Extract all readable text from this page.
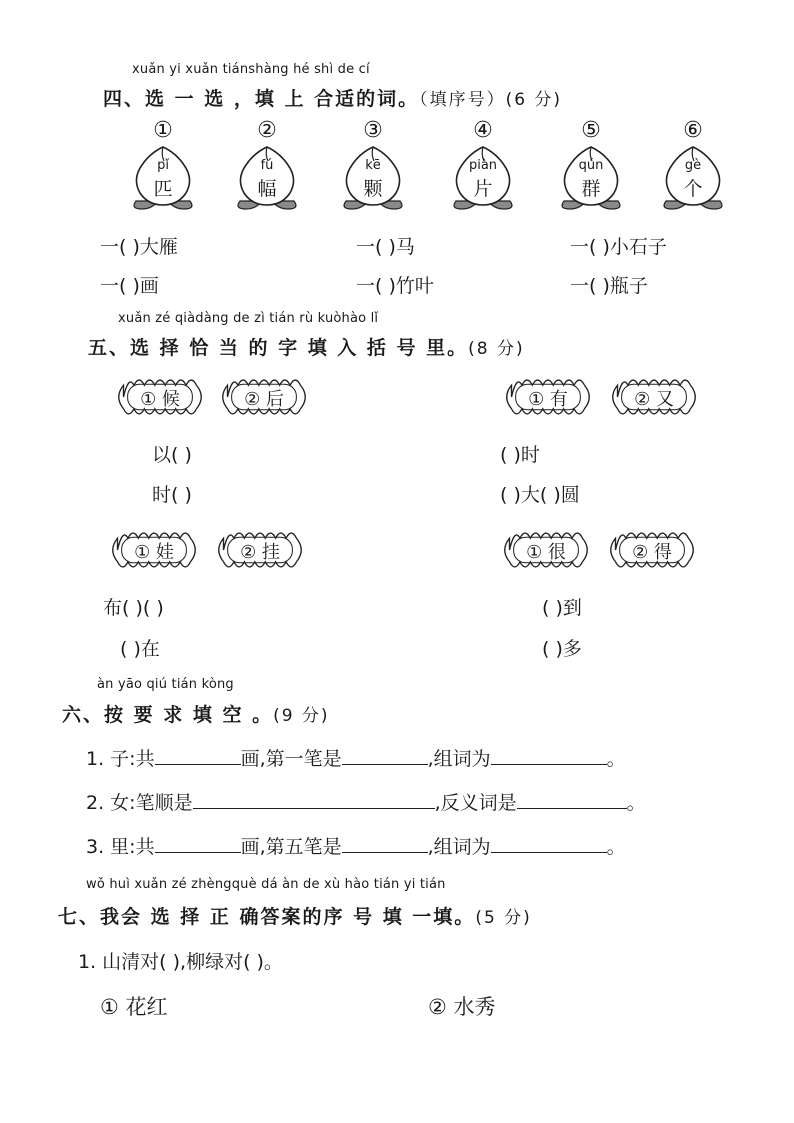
xuǎn yi xuǎn tiánshàng hé shì de cí
四、选 一 选 ，填 上 合适的词。（填序号）(6 分)
①
pǐ
匹
②
fú
幅
③
kē
颗
④
piàn
片
⑤
qún
群
⑥
gè
个
一( )大雁	一( )马	一( )小石子
一( )画	一( )竹叶	一( )瓶子
xuǎn zé qiàdàng de zì tián rù kuòhào lǐ
五、选 择 恰 当 的 字 填 入 括 号 里。(8 分)
① 候	② 后	① 有	② 又
① 娃	② 挂	① 很	② 得
以( )
时( )
( )时
( )大( )圆
布( )( )
( )在
( )到
( )多
àn yāo qiú tián kòng
六、按 要 求 填 空 。(9 分)
1. 子:共	画,第一笔是	,组词为	。
2. 女:笔顺是	,反义词是	。
3. 里:共	画,第五笔是	,组词为	。
wǒ huì xuǎn zé zhèngquè dá àn de xù hào tián yi tián
七、我会 选 择 正 确答案的序 号 填 一填。(5 分)
1. 山清对( ),柳绿对( )。
① 花红	② 水秀
